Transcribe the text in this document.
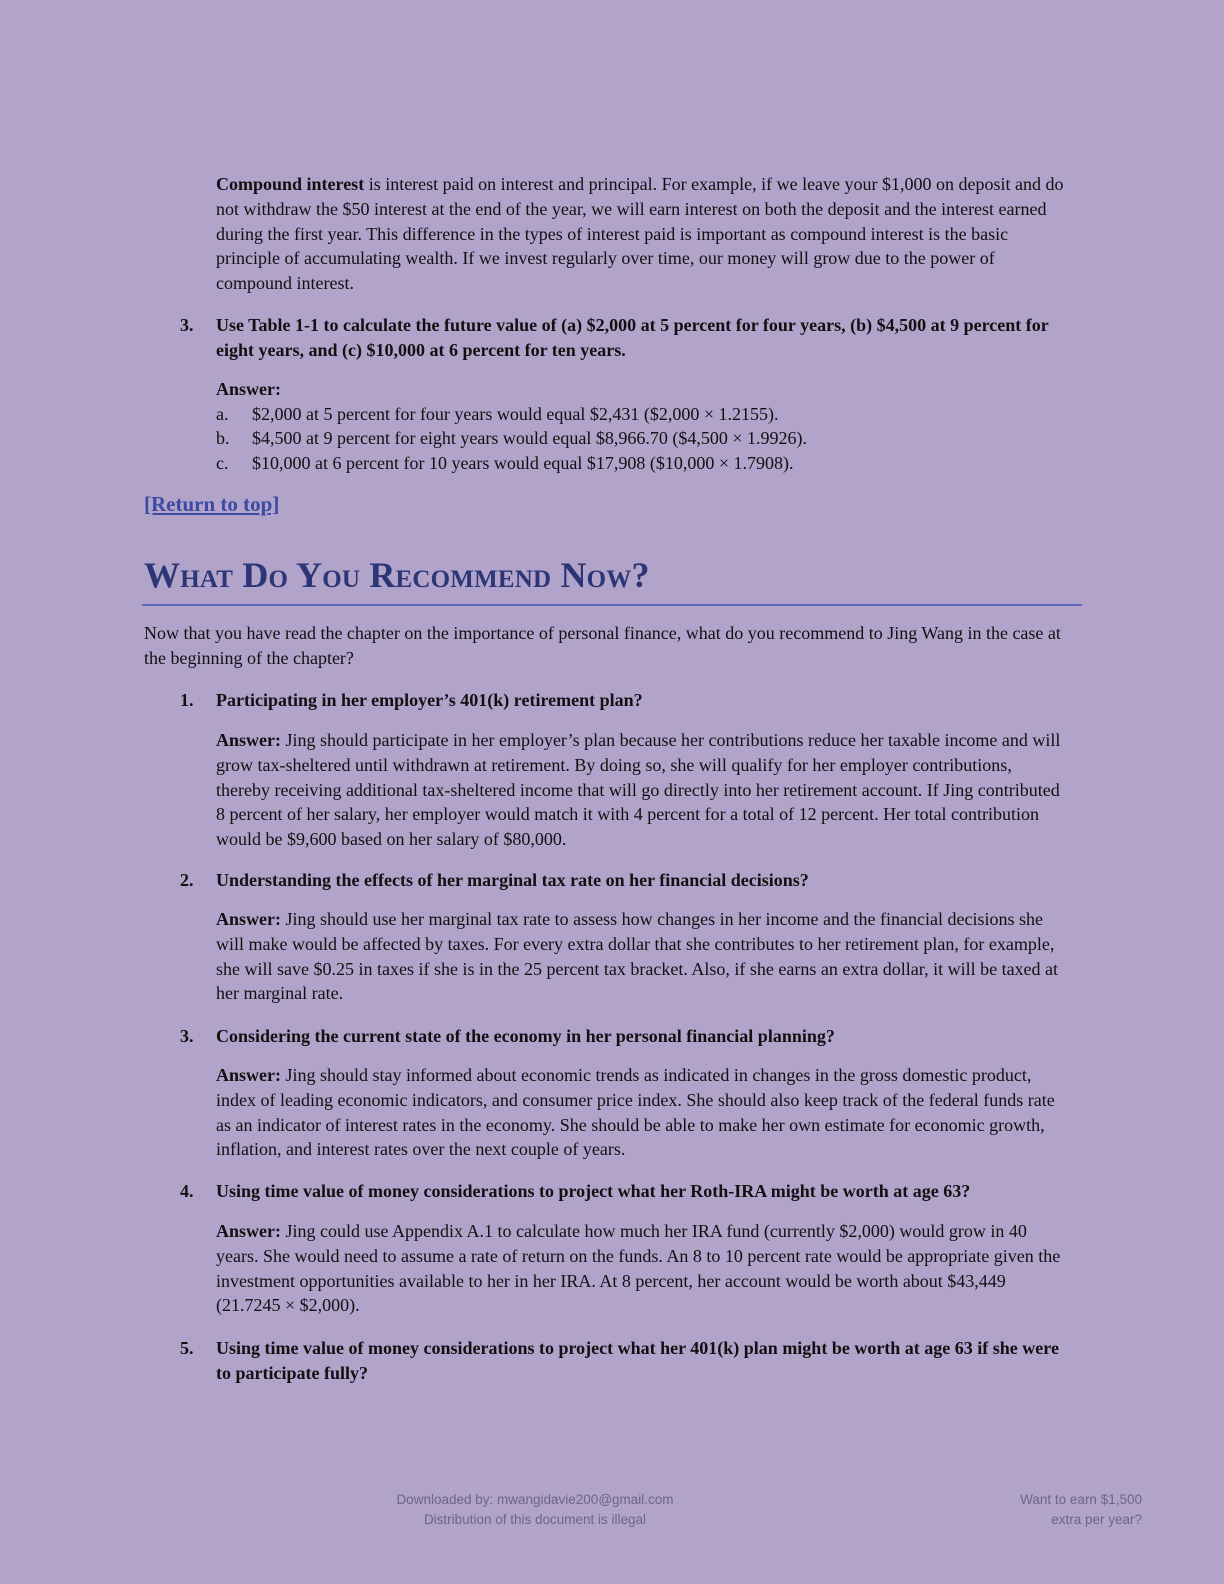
Compound interest is interest paid on interest and principal. For example, if we leave your $1,000 on deposit and do not withdraw the $50 interest at the end of the year, we will earn interest on both the deposit and the interest earned during the first year. This difference in the types of interest paid is important as compound interest is the basic principle of accumulating wealth. If we invest regularly over time, our money will grow due to the power of compound interest.

3. Use Table 1-1 to calculate the future value of (a) $2,000 at 5 percent for four years, (b) $4,500 at 9 percent for eight years, and (c) $10,000 at 6 percent for ten years.

Answer:

a. $2,000 at 5 percent for four years would equal $2,431 ($2,000 × 1.2155).

b. $4,500 at 9 percent for eight years would equal $8,966.70 ($4,500 × 1.9926).

c. $10,000 at 6 percent for 10 years would equal $17,908 ($10,000 × 1.7908).

[Return to top]
What Do You Recommend Now?

Now that you have read the chapter on the importance of personal finance, what do you recommend to Jing Wang in the case at the beginning of the chapter?

1. Participating in her employer’s 401(k) retirement plan?

Answer: Jing should participate in her employer’s plan because her contributions reduce her taxable income and will grow tax-sheltered until withdrawn at retirement. By doing so, she will qualify for her employer contributions, thereby receiving additional tax-sheltered income that will go directly into her retirement account. If Jing contributed 8 percent of her salary, her employer would match it with 4 percent for a total of 12 percent. Her total contribution would be $9,600 based on her salary of $80,000.

2. Understanding the effects of her marginal tax rate on her financial decisions?

Answer: Jing should use her marginal tax rate to assess how changes in her income and the financial decisions she will make would be affected by taxes. For every extra dollar that she contributes to her retirement plan, for example, she will save $0.25 in taxes if she is in the 25 percent tax bracket. Also, if she earns an extra dollar, it will be taxed at her marginal rate.

3. Considering the current state of the economy in her personal financial planning?

Answer: Jing should stay informed about economic trends as indicated in changes in the gross domestic product, index of leading economic indicators, and consumer price index. She should also keep track of the federal funds rate as an indicator of interest rates in the economy. She should be able to make her own estimate for economic growth, inflation, and interest rates over the next couple of years.

4. Using time value of money considerations to project what her Roth-IRA might be worth at age 63?

Answer: Jing could use Appendix A.1 to calculate how much her IRA fund (currently $2,000) would grow in 40 years. She would need to assume a rate of return on the funds. An 8 to 10 percent rate would be appropriate given the investment opportunities available to her in her IRA. At 8 percent, her account would be worth about $43,449 (21.7245 × $2,000).

5. Using time value of money considerations to project what her 401(k) plan might be worth at age 63 if she were to participate fully?

Downloaded by: mwangidavie200@gmail.com
Distribution of this document is illegal
Want to earn $1,500
extra per year?
